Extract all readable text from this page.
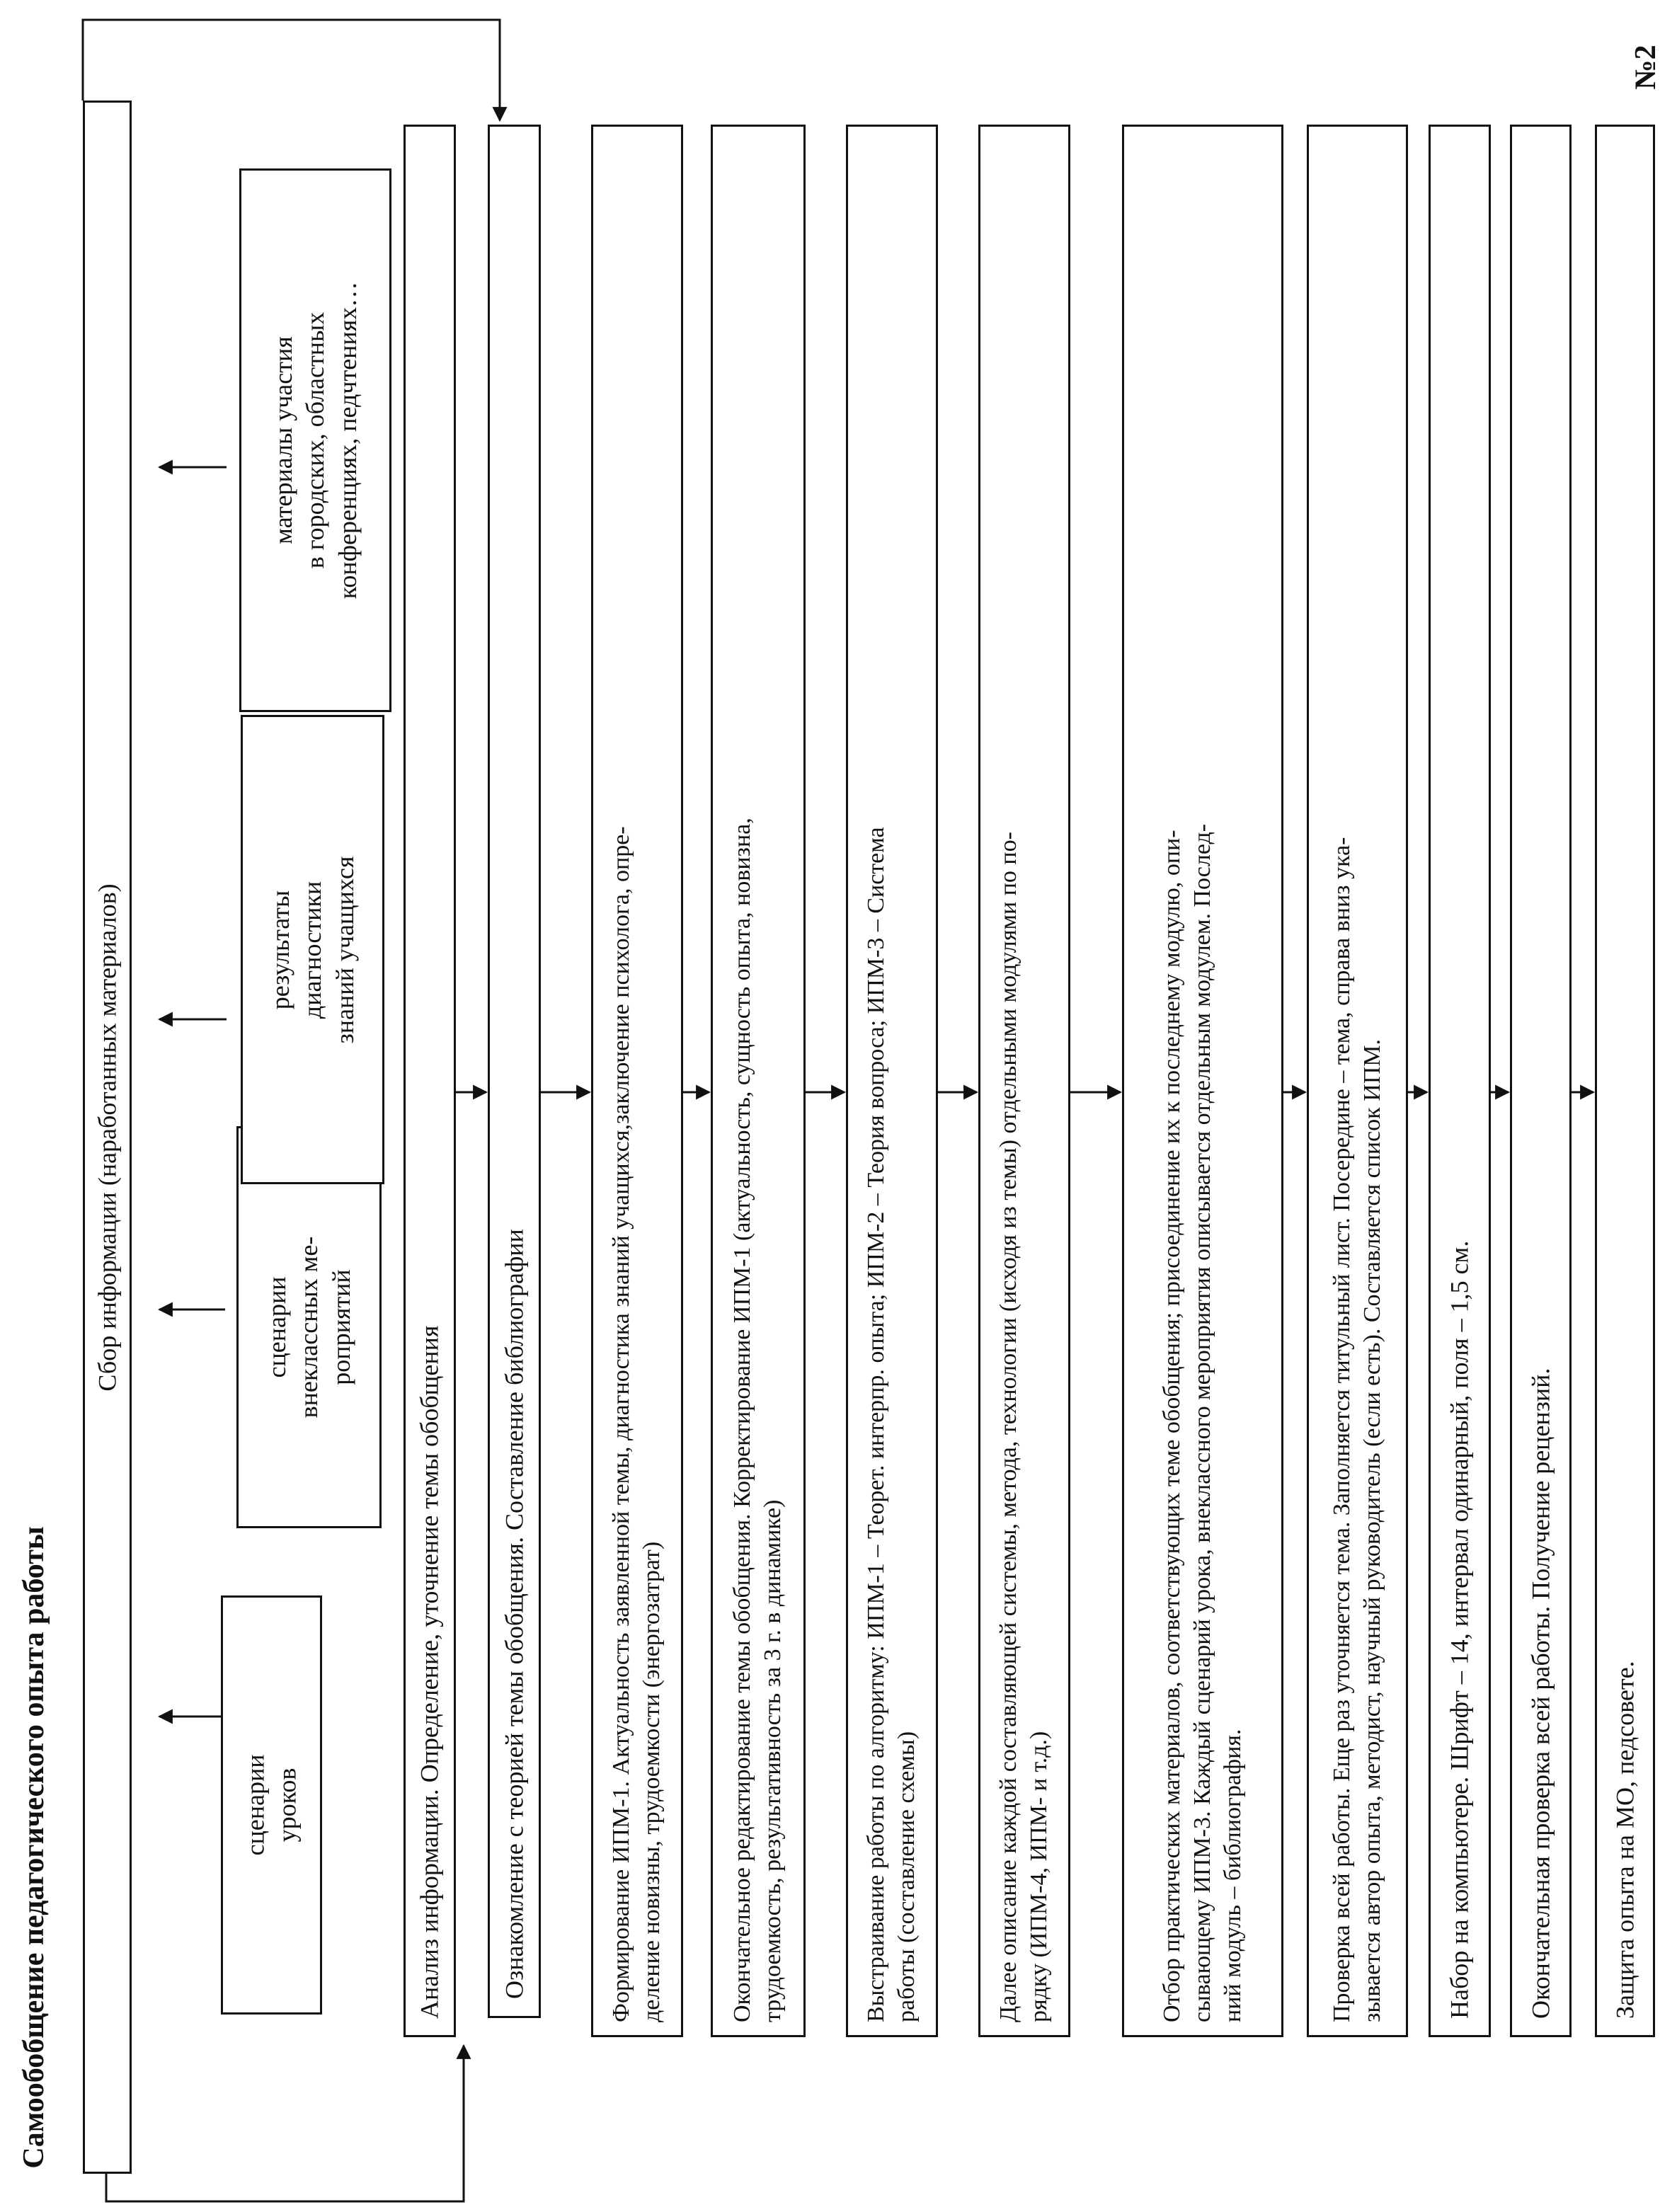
Самообобщение педагогического опыта работы
№2
Сбор информации (наработанных материалов)
сценарии
уроков
сценарии
внеклассных ме-
роприятий
результаты
диагностики
знаний учащихся
материалы участия
в городских, областных
конференциях, педчтениях…
Анализ информации. Определение, уточнение темы обобщения Ознакомление с теорией темы обобщения. Составление библиографии	Формирование ИПМ-1. Актуальность заявленной темы, диагностика знаний учащихся,заключение психолога, опре-
деление новизны, трудоемкости (энергозатрат)
Окончательное редактирование темы обобщения. Корректирование ИПМ-1 (актуальность, сущность опыта, новизна,
трудоемкость, результативность за 3 г. в динамике)
Выстраивание работы по алгоритму: ИПМ-1 – Теорет. интерпр. опыта; ИПМ-2 – Теория вопроса; ИПМ-3 – Система
работы (составление схемы)
Далее описание каждой составляющей системы, метода, технологии (исходя из темы) отдельными модулями по по-
рядку (ИПМ-4, ИПМ- и т.д.)
Отбор практических материалов, соответствующих теме обобщения; присоединение их к последнему модулю, опи-
сывающему ИПМ-3. Каждый сценарий урока, внеклассного мероприятия описывается отдельным модулем. Послед-
ний модуль – библиография.
Проверка всей работы. Еще раз уточняется тема. Заполняется титульный лист. Посередине – тема, справа вниз ука-
зывается автор опыта, методист, научный руководитель (если есть). Составляется список ИПМ.
Набор на компьютере. Шрифт – 14, интервал одинарный, поля – 1,5 см. Окончательная проверка всей работы. Получение рецензий. Защита опыта на МО, педсовете.
